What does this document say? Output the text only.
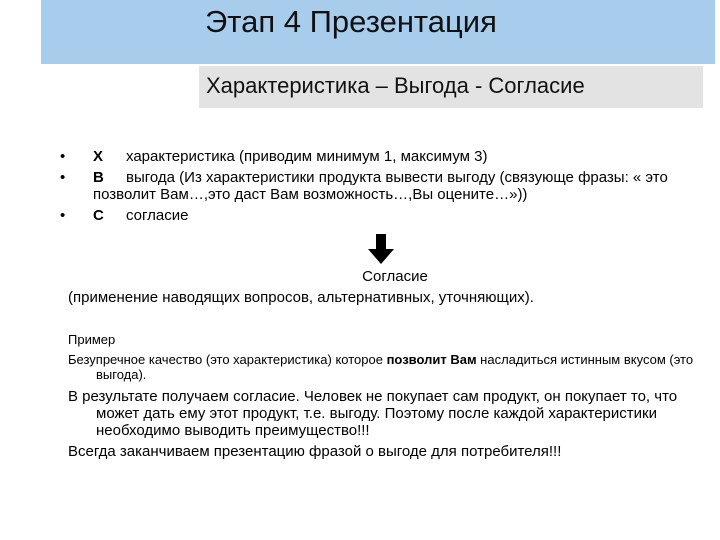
Этап 4 Презентация
Характеристика – Выгода - Согласие
• Х характеристика (приводим минимум 1, максимум 3)
• В выгода (Из характеристики продукта вывести выгоду (связующе фразы: « это позволит Вам…,это даст Вам возможность…,Вы оцените…»))
• С согласие
Согласие
(применение наводящих вопросов, альтернативных, уточняющих).
Пример
Безупречное качество (это характеристика) которое позволит Вам насладиться истинным вкусом (это выгода).
В результате получаем согласие. Человек не покупает сам продукт, он покупает то, что может дать ему этот продукт, т.е. выгоду. Поэтому после каждой характеристики необходимо выводить преимущество!!!
Всегда заканчиваем презентацию фразой о выгоде для потребителя!!!
